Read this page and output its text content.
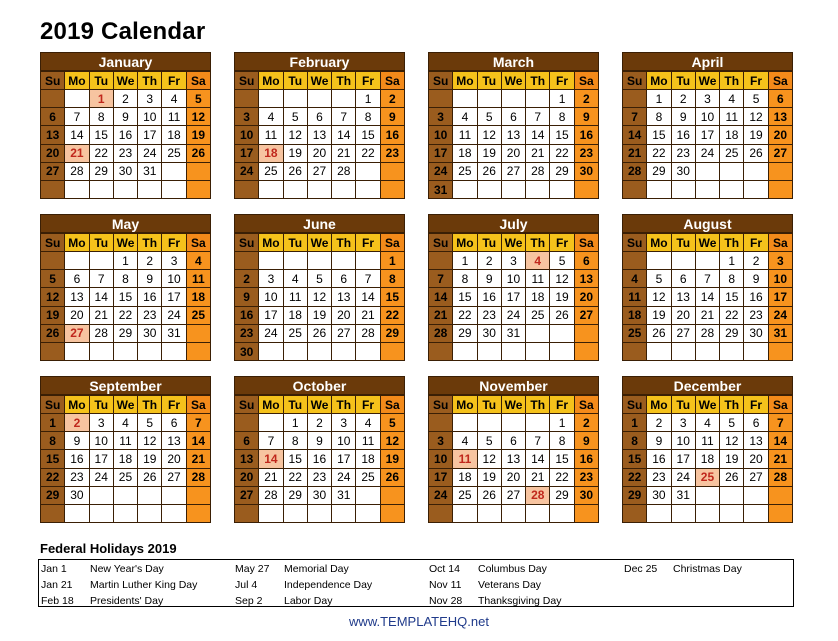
2019 Calendar
January
Su	Mo	Tu	We	Th	Fr	Sa
		1	2	3	4	5
6	7	8	9	10	11	12
13	14	15	16	17	18	19
20	21	22	23	24	25	26
27	28	29	30	31		

February
Su	Mo	Tu	We	Th	Fr	Sa
					1	2
3	4	5	6	7	8	9
10	11	12	13	14	15	16
17	18	19	20	21	22	23
24	25	26	27	28		

March
Su	Mo	Tu	We	Th	Fr	Sa
					1	2
3	4	5	6	7	8	9
10	11	12	13	14	15	16
17	18	19	20	21	22	23
24	25	26	27	28	29	30
31						
April
Su	Mo	Tu	We	Th	Fr	Sa
	1	2	3	4	5	6
7	8	9	10	11	12	13
14	15	16	17	18	19	20
21	22	23	24	25	26	27
28	29	30				

May
Su	Mo	Tu	We	Th	Fr	Sa
			1	2	3	4
5	6	7	8	9	10	11
12	13	14	15	16	17	18
19	20	21	22	23	24	25
26	27	28	29	30	31	

June
Su	Mo	Tu	We	Th	Fr	Sa
						1
2	3	4	5	6	7	8
9	10	11	12	13	14	15
16	17	18	19	20	21	22
23	24	25	26	27	28	29
30						
July
Su	Mo	Tu	We	Th	Fr	Sa
	1	2	3	4	5	6
7	8	9	10	11	12	13
14	15	16	17	18	19	20
21	22	23	24	25	26	27
28	29	30	31			

August
Su	Mo	Tu	We	Th	Fr	Sa
				1	2	3
4	5	6	7	8	9	10
11	12	13	14	15	16	17
18	19	20	21	22	23	24
25	26	27	28	29	30	31

September
Su	Mo	Tu	We	Th	Fr	Sa
1	2	3	4	5	6	7
8	9	10	11	12	13	14
15	16	17	18	19	20	21
22	23	24	25	26	27	28
29	30					

October
Su	Mo	Tu	We	Th	Fr	Sa
		1	2	3	4	5
6	7	8	9	10	11	12
13	14	15	16	17	18	19
20	21	22	23	24	25	26
27	28	29	30	31		

November
Su	Mo	Tu	We	Th	Fr	Sa
					1	2
3	4	5	6	7	8	9
10	11	12	13	14	15	16
17	18	19	20	21	22	23
24	25	26	27	28	29	30

December
Su	Mo	Tu	We	Th	Fr	Sa
1	2	3	4	5	6	7
8	9	10	11	12	13	14
15	16	17	18	19	20	21
22	23	24	25	26	27	28
29	30	31				

Federal Holidays 2019
Jan 1 New Year's Day
Jan 21 Martin Luther King Day
Feb 18 Presidents' Day
May 27 Memorial Day
Jul 4	Independence Day
Sep 2 Labor Day
Oct 14 Columbus Day
Nov 11 Veterans Day
Nov 28 Thanksgiving Day
Dec 25 Christmas Day
www.TEMPLATEHQ.net
